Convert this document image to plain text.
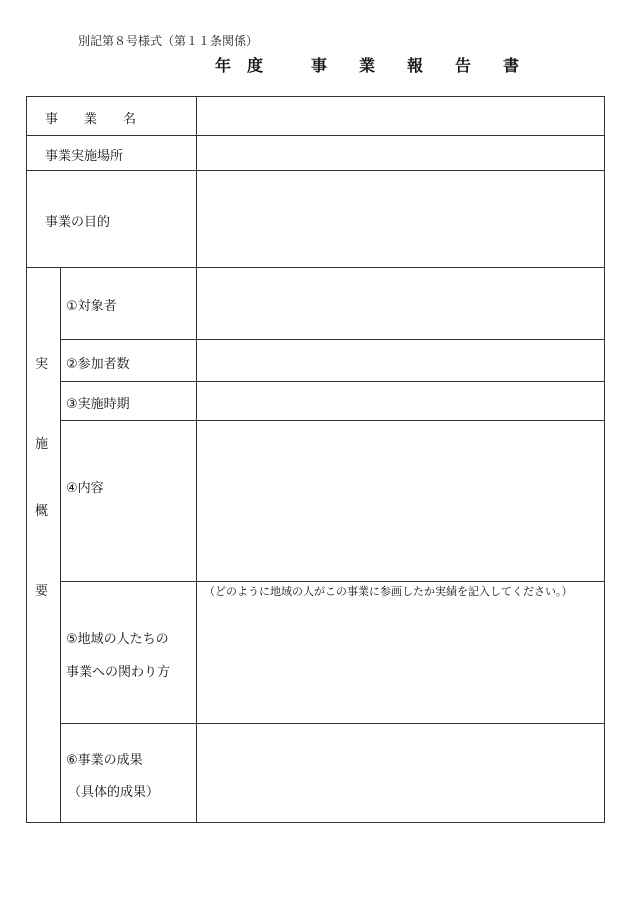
別記第８号様式（第１１条関係）
年　度　　　事　　業　　報　　告　　書
事　　業　　名
事業実施場所
事業の目的
実
施
概
要
①対象者
②参加者数
③実施時期
④内容
⑤地域の人たちの
事業への関わり方
（どのように地域の人がこの事業に参画したか実績を記入してください。）
⑥事業の成果
（具体的成果）
